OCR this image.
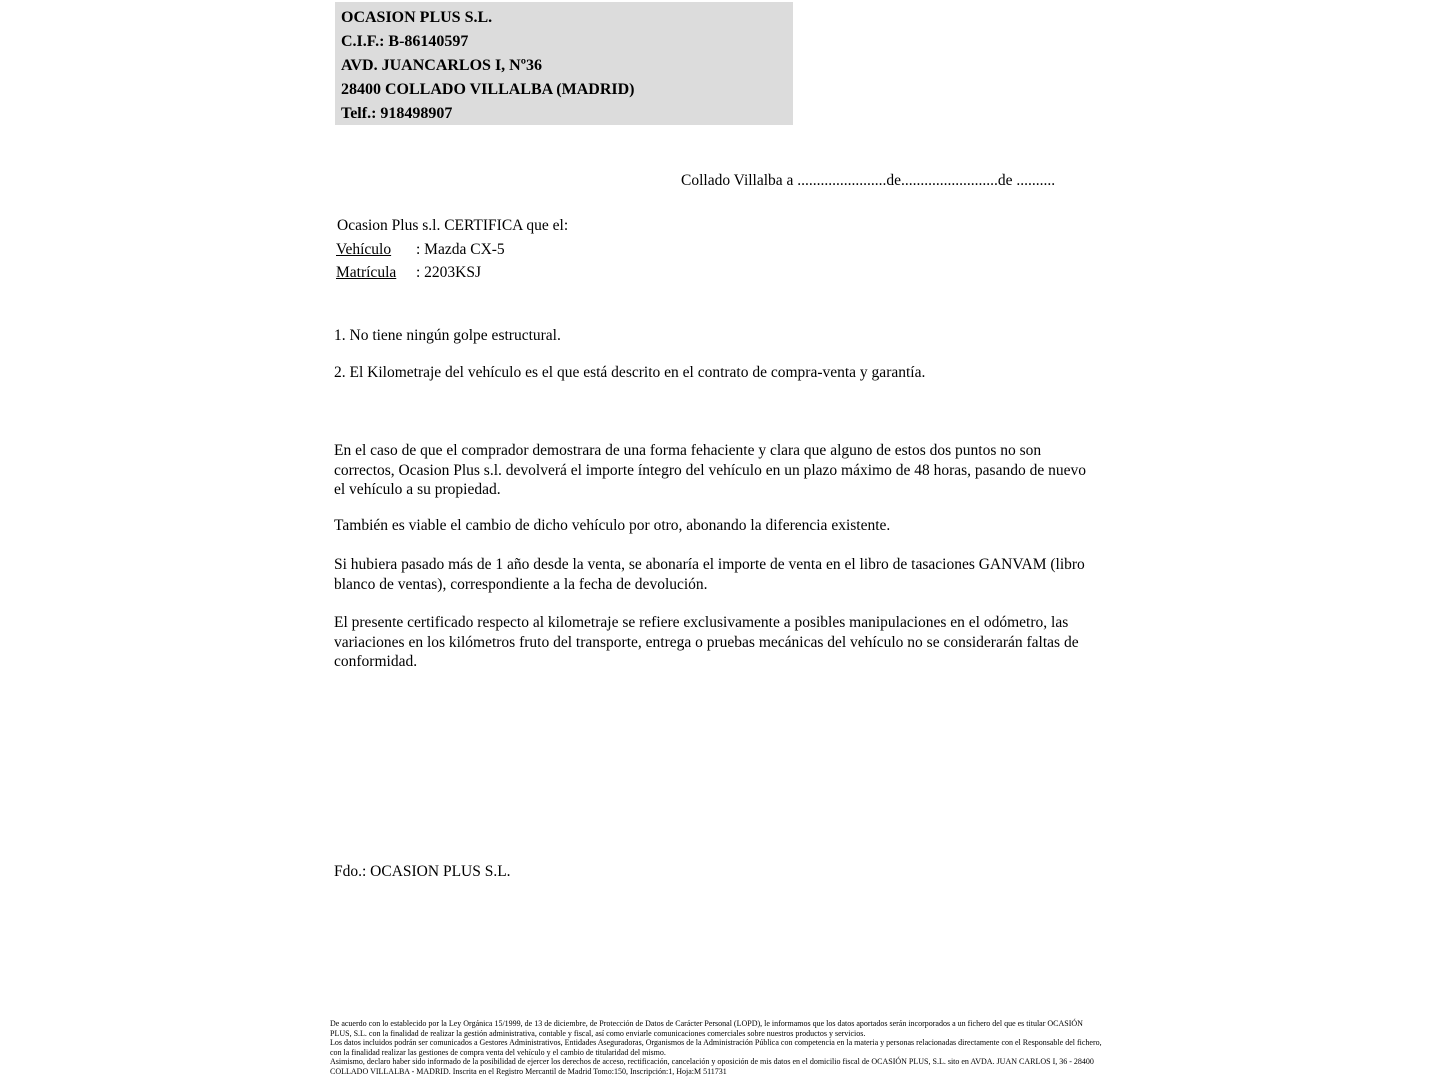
OCASION PLUS S.L.
C.I.F.: B-86140597
AVD. JUANCARLOS I, Nº36
28400 COLLADO VILLALBA (MADRID)
Telf.: 918498907
Collado Villalba a .......................de.........................de ..........
Ocasion Plus s.l. CERTIFICA que el:
Vehículo : Mazda CX-5
Matrícula : 2203KSJ
1. No tiene ningún golpe estructural.
2. El Kilometraje del vehículo es el que está descrito en el contrato de compra-venta y garantía.
En el caso de que el comprador demostrara de una forma fehaciente y clara que alguno de estos dos puntos no son correctos, Ocasion Plus s.l. devolverá el importe íntegro del vehículo en un plazo máximo de 48 horas, pasando de nuevo el vehículo a su propiedad.
También es viable el cambio de dicho vehículo por otro, abonando la diferencia existente.
Si hubiera pasado más de 1 año desde la venta, se abonaría el importe de venta en el libro de tasaciones GANVAM (libro blanco de ventas), correspondiente a la fecha de devolución.
El presente certificado respecto al kilometraje se refiere exclusivamente a posibles manipulaciones en el odómetro, las variaciones en los kilómetros fruto del transporte, entrega o pruebas mecánicas del vehículo no se considerarán faltas de conformidad.
Fdo.: OCASION PLUS S.L.

De acuerdo con lo establecido por la Ley Orgánica 15/1999, de 13 de diciembre, de Protección de Datos de Carácter Personal (LOPD), le informamos que los datos aportados serán incorporados a un fichero del que es titular OCASIÓN PLUS, S.L. con la finalidad de realizar la gestión administrativa, contable y fiscal, así como enviarle comunicaciones comerciales sobre nuestros productos y servicios.

Los datos incluidos podrán ser comunicados a Gestores Administrativos, Entidades Aseguradoras, Organismos de la Administración Pública con competencia en la materia y personas relacionadas directamente con el Responsable del fichero, con la finalidad realizar las gestiones de compra venta del vehículo y el cambio de titularidad del mismo.

Asimismo, declaro haber sido informado de la posibilidad de ejercer los derechos de acceso, rectificación, cancelación y oposición de mis datos en el domicilio fiscal de OCASIÓN PLUS, S.L. sito en AVDA. JUAN CARLOS I, 36 - 28400 COLLADO VILLALBA - MADRID. Inscrita en el Registro Mercantil de Madrid Tomo:150, Inscripción:1, Hoja:M 511731
